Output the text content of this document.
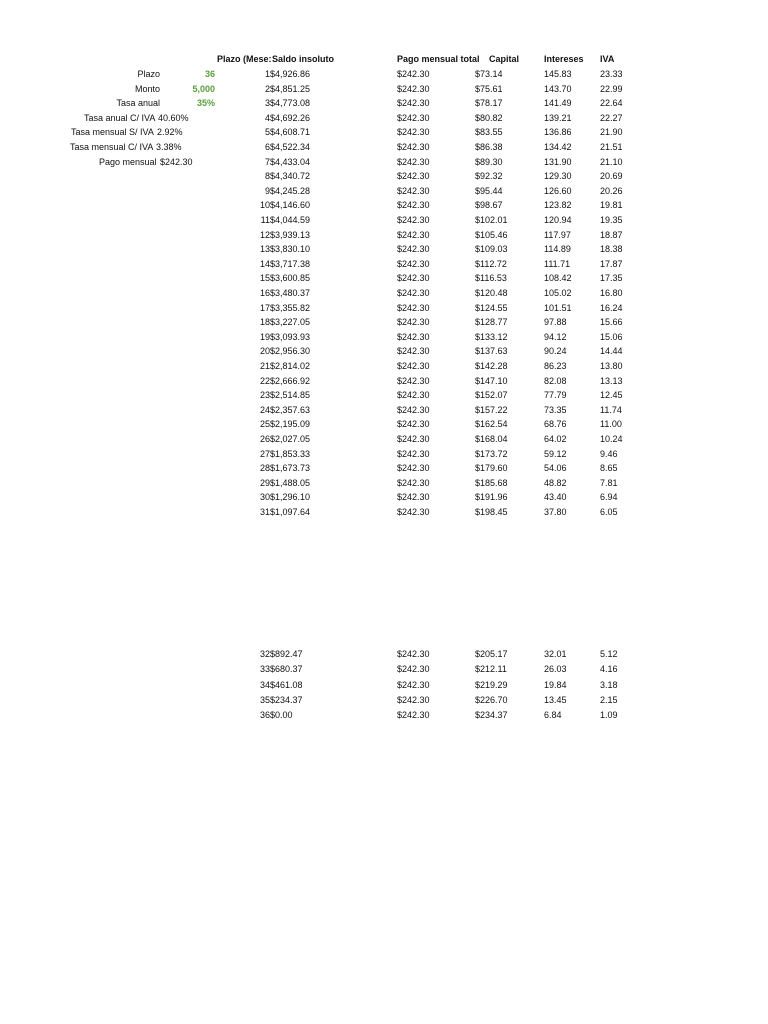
Plazo (Mese: Saldo insoluto	Pago mensual total Capital	Intereses IVA
Plazo	36
Monto	5,000
Tasa anual	35%
Tasa anual C/ IVA 40.60%
Tasa mensual S/ IVA 2.92%
Tasa mensual C/ IVA 3.38%
Pago mensual $242.30
1 $4,926.86	$242.30	$73.14	145.83	23.33
2 $4,851.25	$242.30	$75.61	143.70	22.99
3 $4,773.08	$242.30	$78.17	141.49	22.64
4 $4,692.26	$242.30	$80.82	139.21	22.27
5 $4,608.71	$242.30	$83.55	136.86	21.90
6 $4,522.34	$242.30	$86.38	134.42	21.51
7 $4,433.04	$242.30	$89.30	131.90	21.10
8 $4,340.72	$242.30	$92.32	129.30	20.69
9 $4,245.28	$242.30	$95.44	126.60	20.26
10 $4,146.60	$242.30	$98.67	123.82	19.81
11 $4,044.59	$242.30	$102.01	120.94	19.35
12 $3,939.13	$242.30	$105.46	117.97	18.87
13 $3,830.10	$242.30	$109.03	114.89	18.38
14 $3,717.38	$242.30	$112.72	111.71	17.87
15 $3,600.85	$242.30	$116.53	108.42	17.35
16 $3,480.37	$242.30	$120.48	105.02	16.80
17 $3,355.82	$242.30	$124.55	101.51	16.24
18 $3,227.05	$242.30	$128.77	97.88	15.66
19 $3,093.93	$242.30	$133.12	94.12	15.06
20 $2,956.30	$242.30	$137.63	90.24	14.44
21 $2,814.02	$242.30	$142.28	86.23	13.80
22 $2,666.92	$242.30	$147.10	82.08	13.13
23 $2,514.85	$242.30	$152.07	77.79	12.45
24 $2,357.63	$242.30	$157.22	73.35	11.74
25 $2,195.09	$242.30	$162.54	68.76	11.00
26 $2,027.05	$242.30	$168.04	64.02	10.24
27 $1,853.33	$242.30	$173.72	59.12	9.46
28 $1,673.73	$242.30	$179.60	54.06	8.65
29 $1,488.05	$242.30	$185.68	48.82	7.81
30 $1,296.10	$242.30	$191.96	43.40	6.94
31 $1,097.64	$242.30	$198.45	37.80	6.05
32 $892.47	$242.30	$205.17	32.01	5.12
33 $680.37	$242.30	$212.11	26.03	4.16
34 $461.08	$242.30	$219.29	19.84	3.18
35 $234.37	$242.30	$226.70	13.45	2.15
36 $0.00	$242.30	$234.37	6.84	1.09
